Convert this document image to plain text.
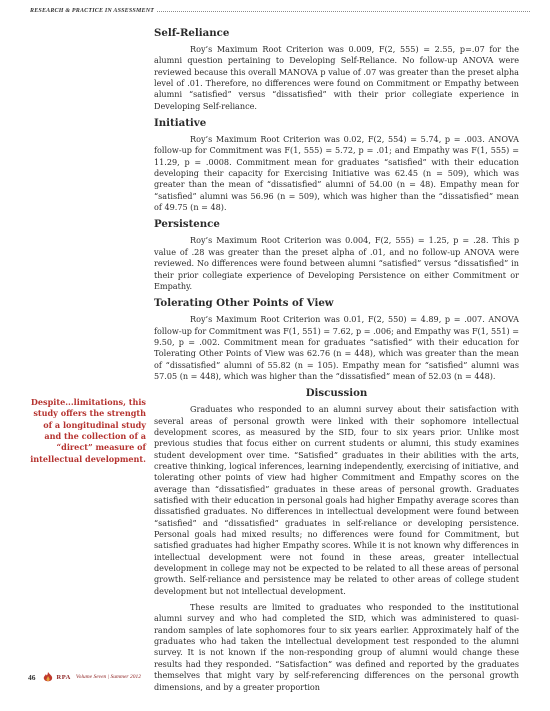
RESEARCH & PRACTICE IN ASSESSMENT
Self-Reliance

Roy’s Maximum Root Criterion was 0.009, F(2, 555) = 2.55, p=.07 for the alumni question pertaining to Developing Self-Reliance. No follow-up ANOVA were reviewed because this overall MANOVA p value of .07 was greater than the preset alpha level of .01. Therefore, no differences were found on Commitment or Empathy between alumni “satisfied” versus “dissatisfied” with their prior collegiate experience in Developing Self-reliance.

Initiative

Roy’s Maximum Root Criterion was 0.02, F(2, 554) = 5.74, p = .003. ANOVA follow-up for Commitment was F(1, 555) = 5.72, p = .01; and Empathy was F(1, 555) = 11.29, p = .0008. Commitment mean for graduates “satisfied” with their education developing their capacity for Exercising Initiative was 62.45 (n = 509), which was greater than the mean of “dissatisfied” alumni of 54.00 (n = 48). Empathy mean for “satisfied” alumni was 56.96 (n = 509), which was higher than the “dissatisfied” mean of 49.75 (n = 48).

Persistence

Roy’s Maximum Root Criterion was 0.004, F(2, 555) = 1.25, p = .28. This p value of .28 was greater than the preset alpha of .01, and no follow-up ANOVA were reviewed. No differences were found between alumni “satisfied” versus “dissatisfied” in their prior collegiate experience of Developing Persistence on either Commitment or Empathy.

Tolerating Other Points of View

Roy’s Maximum Root Criterion was 0.01, F(2, 550) = 4.89, p = .007. ANOVA follow-up for Commitment was F(1, 551) = 7.62, p = .006; and Empathy was F(1, 551) = 9.50, p = .002. Commitment mean for graduates “satisfied” with their education for Tolerating Other Points of View was 62.76 (n = 448), which was greater than the mean of “dissatisfied” alumni of 55.82 (n = 105). Empathy mean for “satisfied” alumni was 57.05 (n = 448), which was higher than the “dissatisfied” mean of 52.03 (n = 448).

Discussion

Graduates who responded to an alumni survey about their satisfaction with several areas of personal growth were linked with their sophomore intellectual development scores, as measured by the SID, four to six years prior. Unlike most previous studies that focus either on current students or alumni, this study examines student development over time. “Satisfied” graduates in their abilities with the arts, creative thinking, logical inferences, learning independently, exercising of initiative, and tolerating other points of view had higher Commitment and Empathy scores on the average than “dissatisfied” graduates in these areas of personal growth. Graduates satisfied with their education in personal goals had higher Empathy average scores than dissatisfied graduates. No differences in intellectual development were found between “satisfied” and “dissatisfied” graduates in self-reliance or developing persistence. Personal goals had mixed results; no differences were found for Commitment, but satisfied graduates had higher Empathy scores. While it is not known why differences in intellectual development were not found in these areas, greater intellectual development in college may not be expected to be related to all these areas of personal growth. Self-reliance and persistence may be related to other areas of college student development but not intellectual development.

These results are limited to graduates who responded to the institutional alumni survey and who had completed the SID, which was administered to quasi-random samples of late sophomores four to six years earlier. Approximately half of the graduates who had taken the intellectual development test responded to the alumni survey. It is not known if the non-responding group of alumni would change these results had they responded. “Satisfaction” was defined and reported by the graduates themselves that might vary by self-referencing differences on the personal growth dimensions, and by a greater proportion

Despite...limitations, this study offers the strength of a longitudinal study and the collection of a “direct” measure of intellectual development.
46	RPA Volume Seven | Summer 2012
